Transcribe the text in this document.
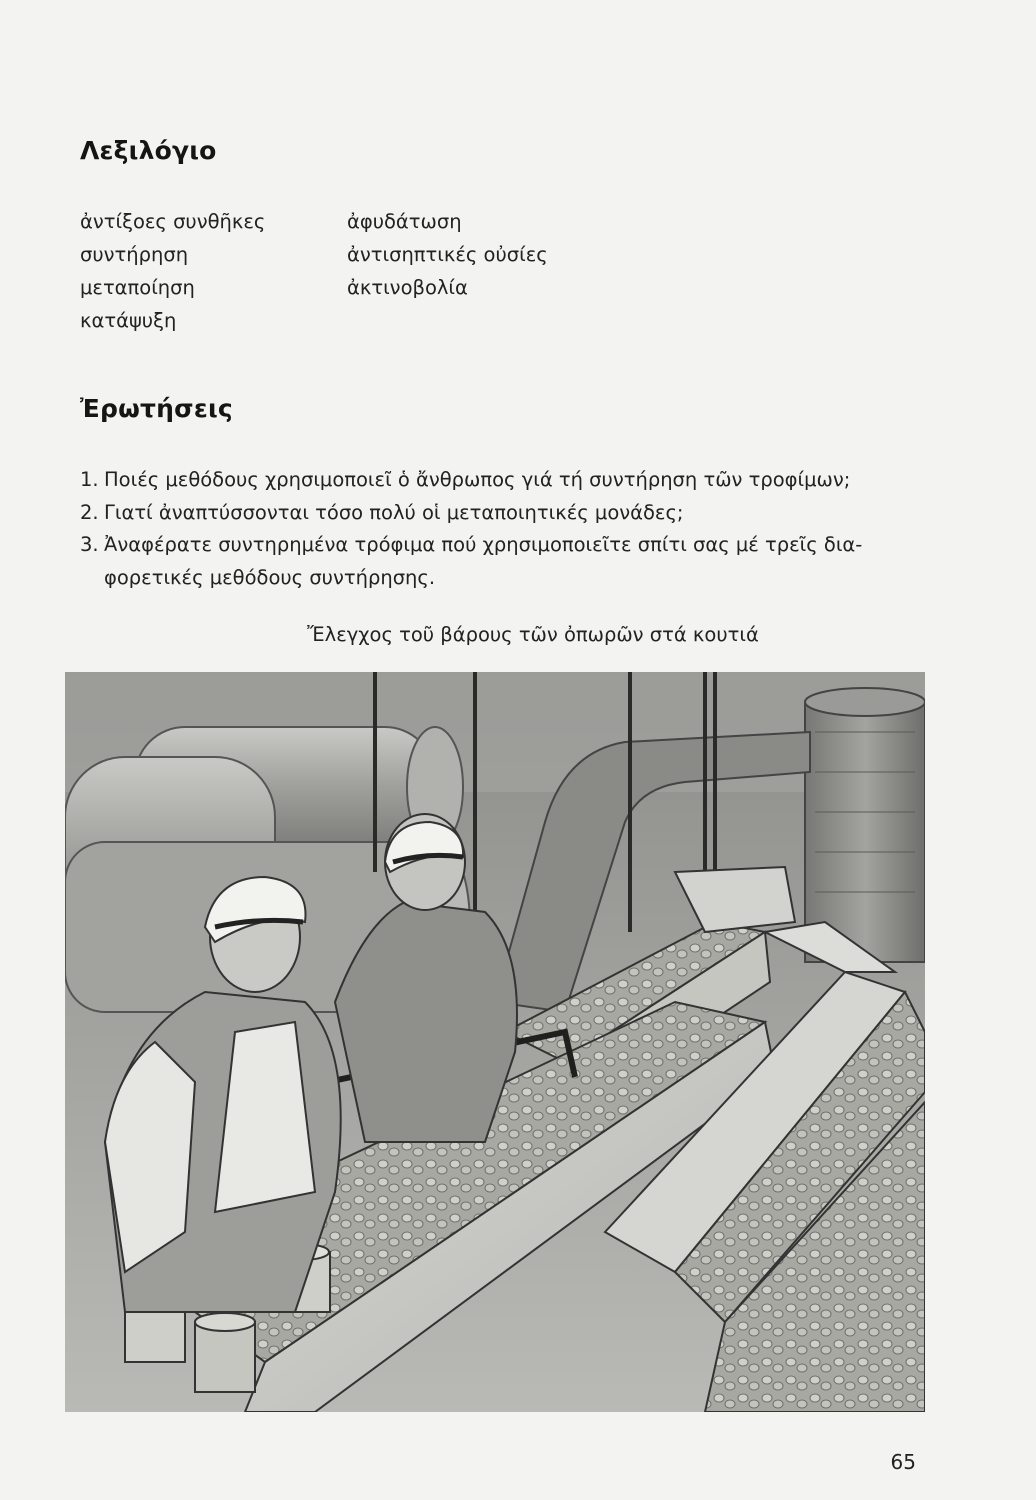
Λεξιλόγιο
ἀντίξοες συνθῆκες
συντήρηση
μεταποίηση
κατάψυξη
ἀφυδάτωση
ἀντισηπτικές οὐσίες
ἀκτινοβολία
Ἐρωτήσεις
1. Ποιές μεθόδους χρησιμοποιεῖ ὁ ἄνθρωπος γιά τή συντήρηση τῶν τροφίμων;
2. Γιατί ἀναπτύσσονται τόσο πολύ οἱ μεταποιητικές μονάδες;
3. Ἀναφέρατε συντηρημένα τρόφιμα πού χρησιμοποιεῖτε σπίτι σας μέ τρεῖς δια-φορετικές μεθόδους συντήρησης.
Ἔλεγχος τοῦ βάρους τῶν ὀπωρῶν στά κουτιά
65
